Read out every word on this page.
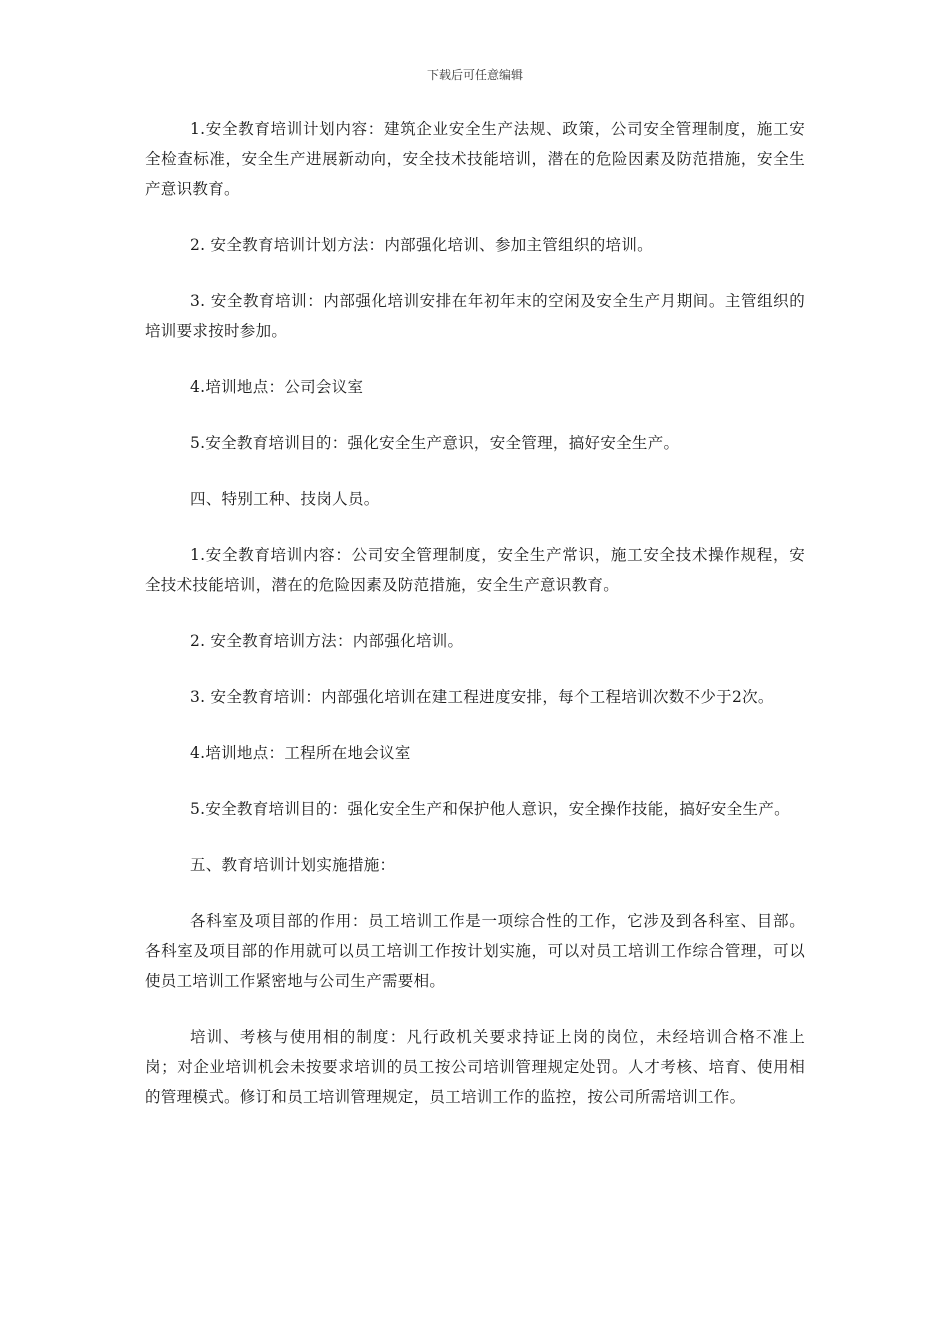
下载后可任意编辑

1.安全教育培训计划内容：建筑企业安全生产法规、政策，公司安全管理制度，施工安全检查标准，安全生产进展新动向，安全技术技能培训，潜在的危险因素及防范措施，安全生产意识教育。

2. 安全教育培训计划方法：内部强化培训、参加主管组织的培训。

3. 安全教育培训：内部强化培训安排在年初年末的空闲及安全生产月期间。主管组织的培训要求按时参加。

4.培训地点：公司会议室

5.安全教育培训目的：强化安全生产意识，安全管理，搞好安全生产。

四、特别工种、技岗人员。

1.安全教育培训内容：公司安全管理制度，安全生产常识，施工安全技术操作规程，安全技术技能培训，潜在的危险因素及防范措施，安全生产意识教育。

2. 安全教育培训方法：内部强化培训。

3. 安全教育培训：内部强化培训在建工程进度安排，每个工程培训次数不少于2次。

4.培训地点：工程所在地会议室

5.安全教育培训目的：强化安全生产和保护他人意识，安全操作技能，搞好安全生产。

五、教育培训计划实施措施：

各科室及项目部的作用：员工培训工作是一项综合性的工作，它涉及到各科室、目部。各科室及项目部的作用就可以员工培训工作按计划实施，可以对员工培训工作综合管理，可以使员工培训工作紧密地与公司生产需要相。

培训、考核与使用相的制度：凡行政机关要求持证上岗的岗位，未经培训合格不准上岗；对企业培训机会未按要求培训的员工按公司培训管理规定处罚。人才考核、培育、使用相的管理模式。修订和员工培训管理规定，员工培训工作的监控，按公司所需培训工作。
